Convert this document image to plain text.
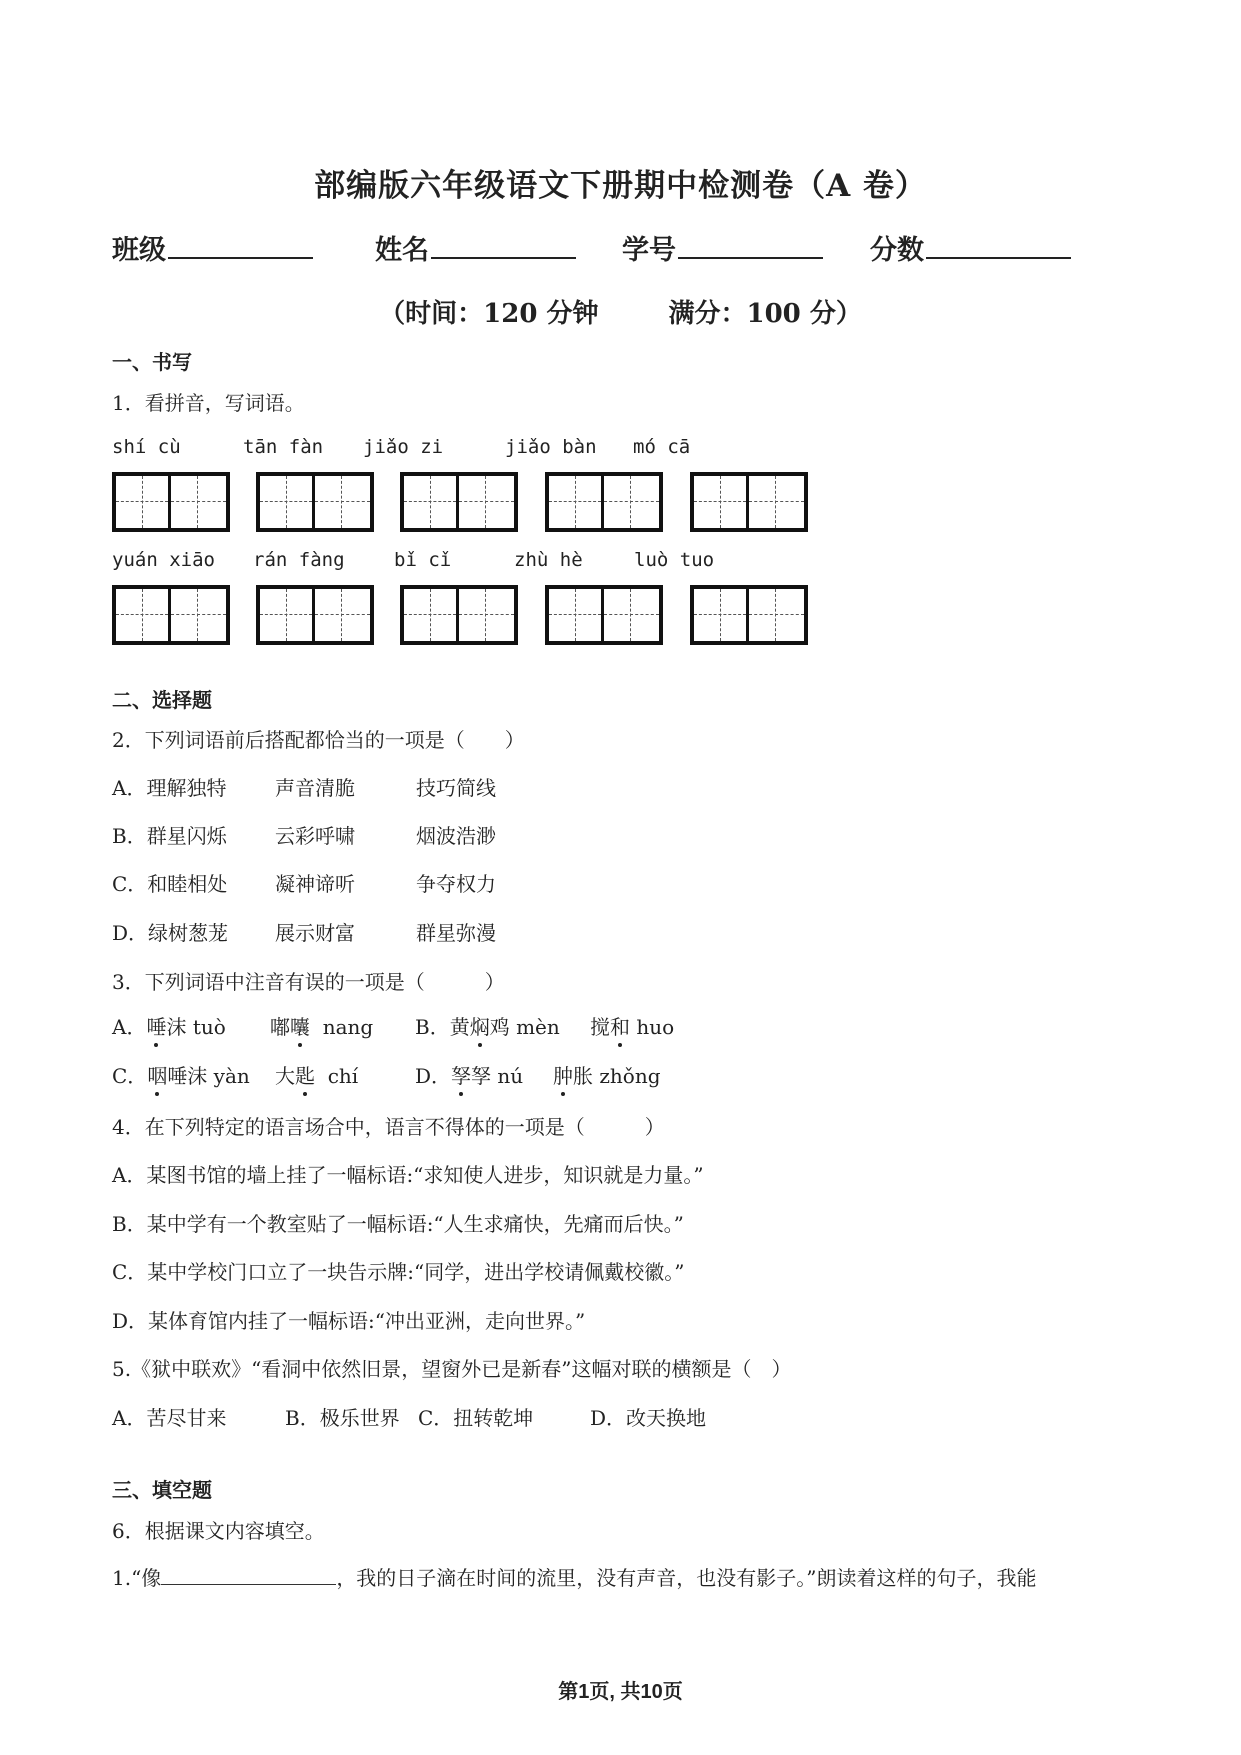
部编版六年级语文下册期中检测卷（A 卷）
班级	姓名	学号	分数
（时间：120 分钟	满分：100 分）
一、书写
1．看拼音，写词语。
shí cù	tān fàn jiǎo zi	jiǎo bàn mó cā
yuán xiāo rán fàng	bǐ cǐ	zhù hè	luò tuo
二、选择题
2．下列词语前后搭配都恰当的一项是（　　）
A．理解独特 声音清脆	技巧简线
B．群星闪烁 云彩呼啸	烟波浩渺
C．和睦相处 凝神谛听	争夺权力
D．绿树葱茏 展示财富	群星弥漫
3．下列词语中注音有误的一项是（　　　）
A．唾沫 tuò 嘟囔 nang B．黄焖鸡 mèn 搅和 huo
C．咽唾沫 yàn 大匙 chí	D．孥孥 nú 肿胀 zhǒng
4．在下列特定的语言场合中，语言不得体的一项是（　　　）
A．某图书馆的墙上挂了一幅标语:“求知使人进步，知识就是力量。”
B．某中学有一个教室贴了一幅标语:“人生求痛快，先痛而后快。”
C．某中学校门口立了一块告示牌:“同学，进出学校请佩戴校徽。”
D．某体育馆内挂了一幅标语:“冲出亚洲，走向世界。”
5.《狱中联欢》“看洞中依然旧景，望窗外已是新春”这幅对联的横额是（　）
A．苦尽甘来	B．极乐世界 C．扭转乾坤	D．改天换地
三、填空题
6．根据课文内容填空。
1.“像	，我的日子滴在时间的流里，没有声音，也没有影子。”朗读着这样的句子，我能
第1页, 共10页
